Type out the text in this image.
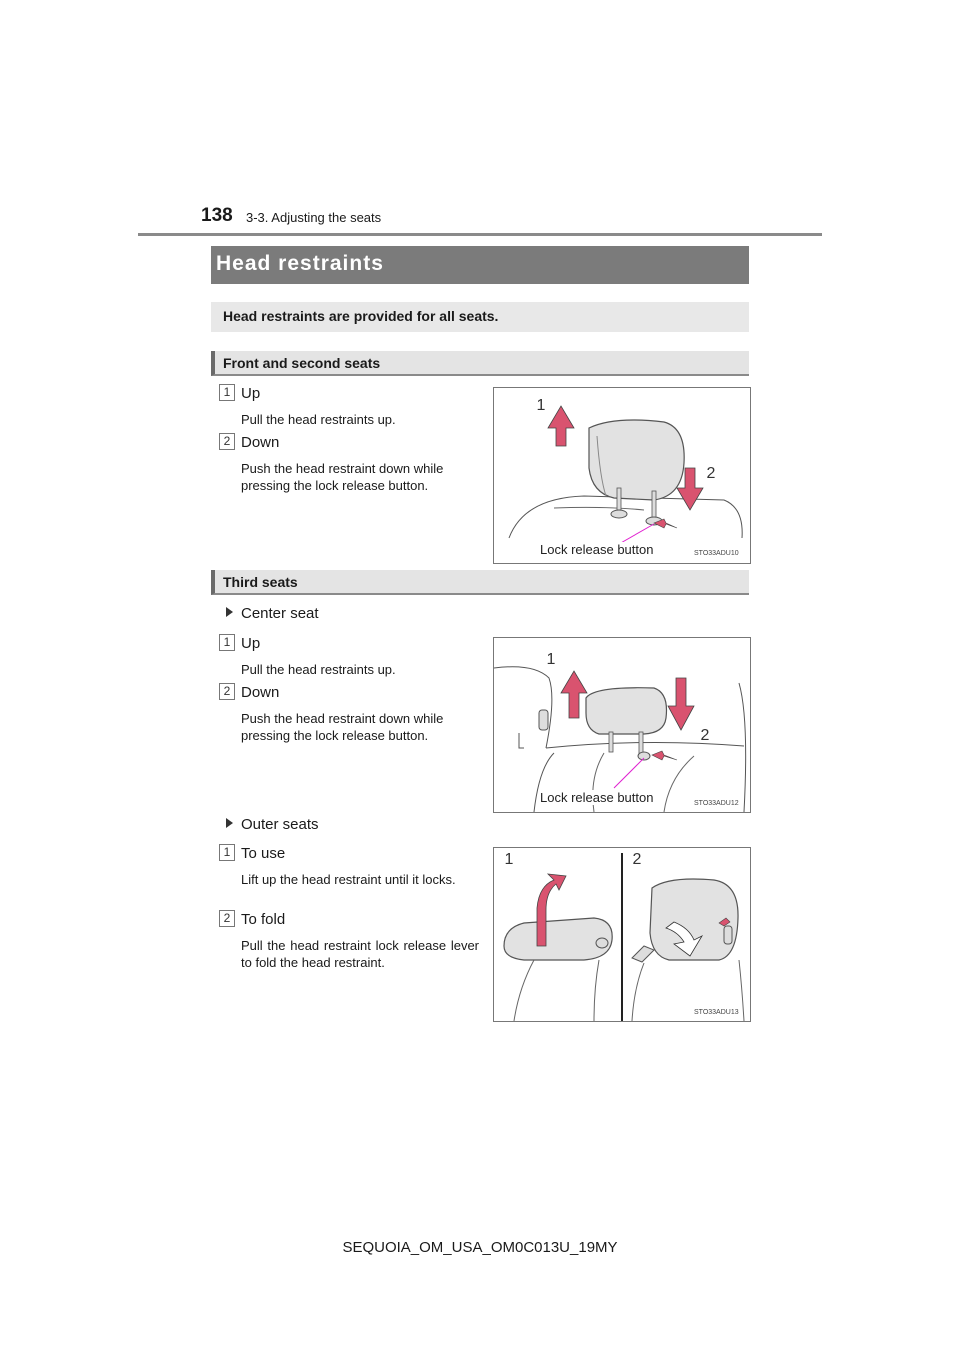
138 3-3. Adjusting the seats
Head restraints
Head restraints are provided for all seats.
Front and second seats
1 Up
Pull the head restraints up.
2 Down
Push the head restraint down while pressing the lock release button.
1
2
Lock release button	STO33ADU10
Third seats
Center seat
1 Up
Pull the head restraints up.
2 Down
Push the head restraint down while pressing the lock release button.
1
2
Lock release button	STO33ADU12
Outer seats
1 To use
Lift up the head restraint until it locks.
2 To fold
Pull the head restraint lock release lever to fold the head restraint.
1	2
STO33ADU13
SEQUOIA_OM_USA_OM0C013U_19MY
